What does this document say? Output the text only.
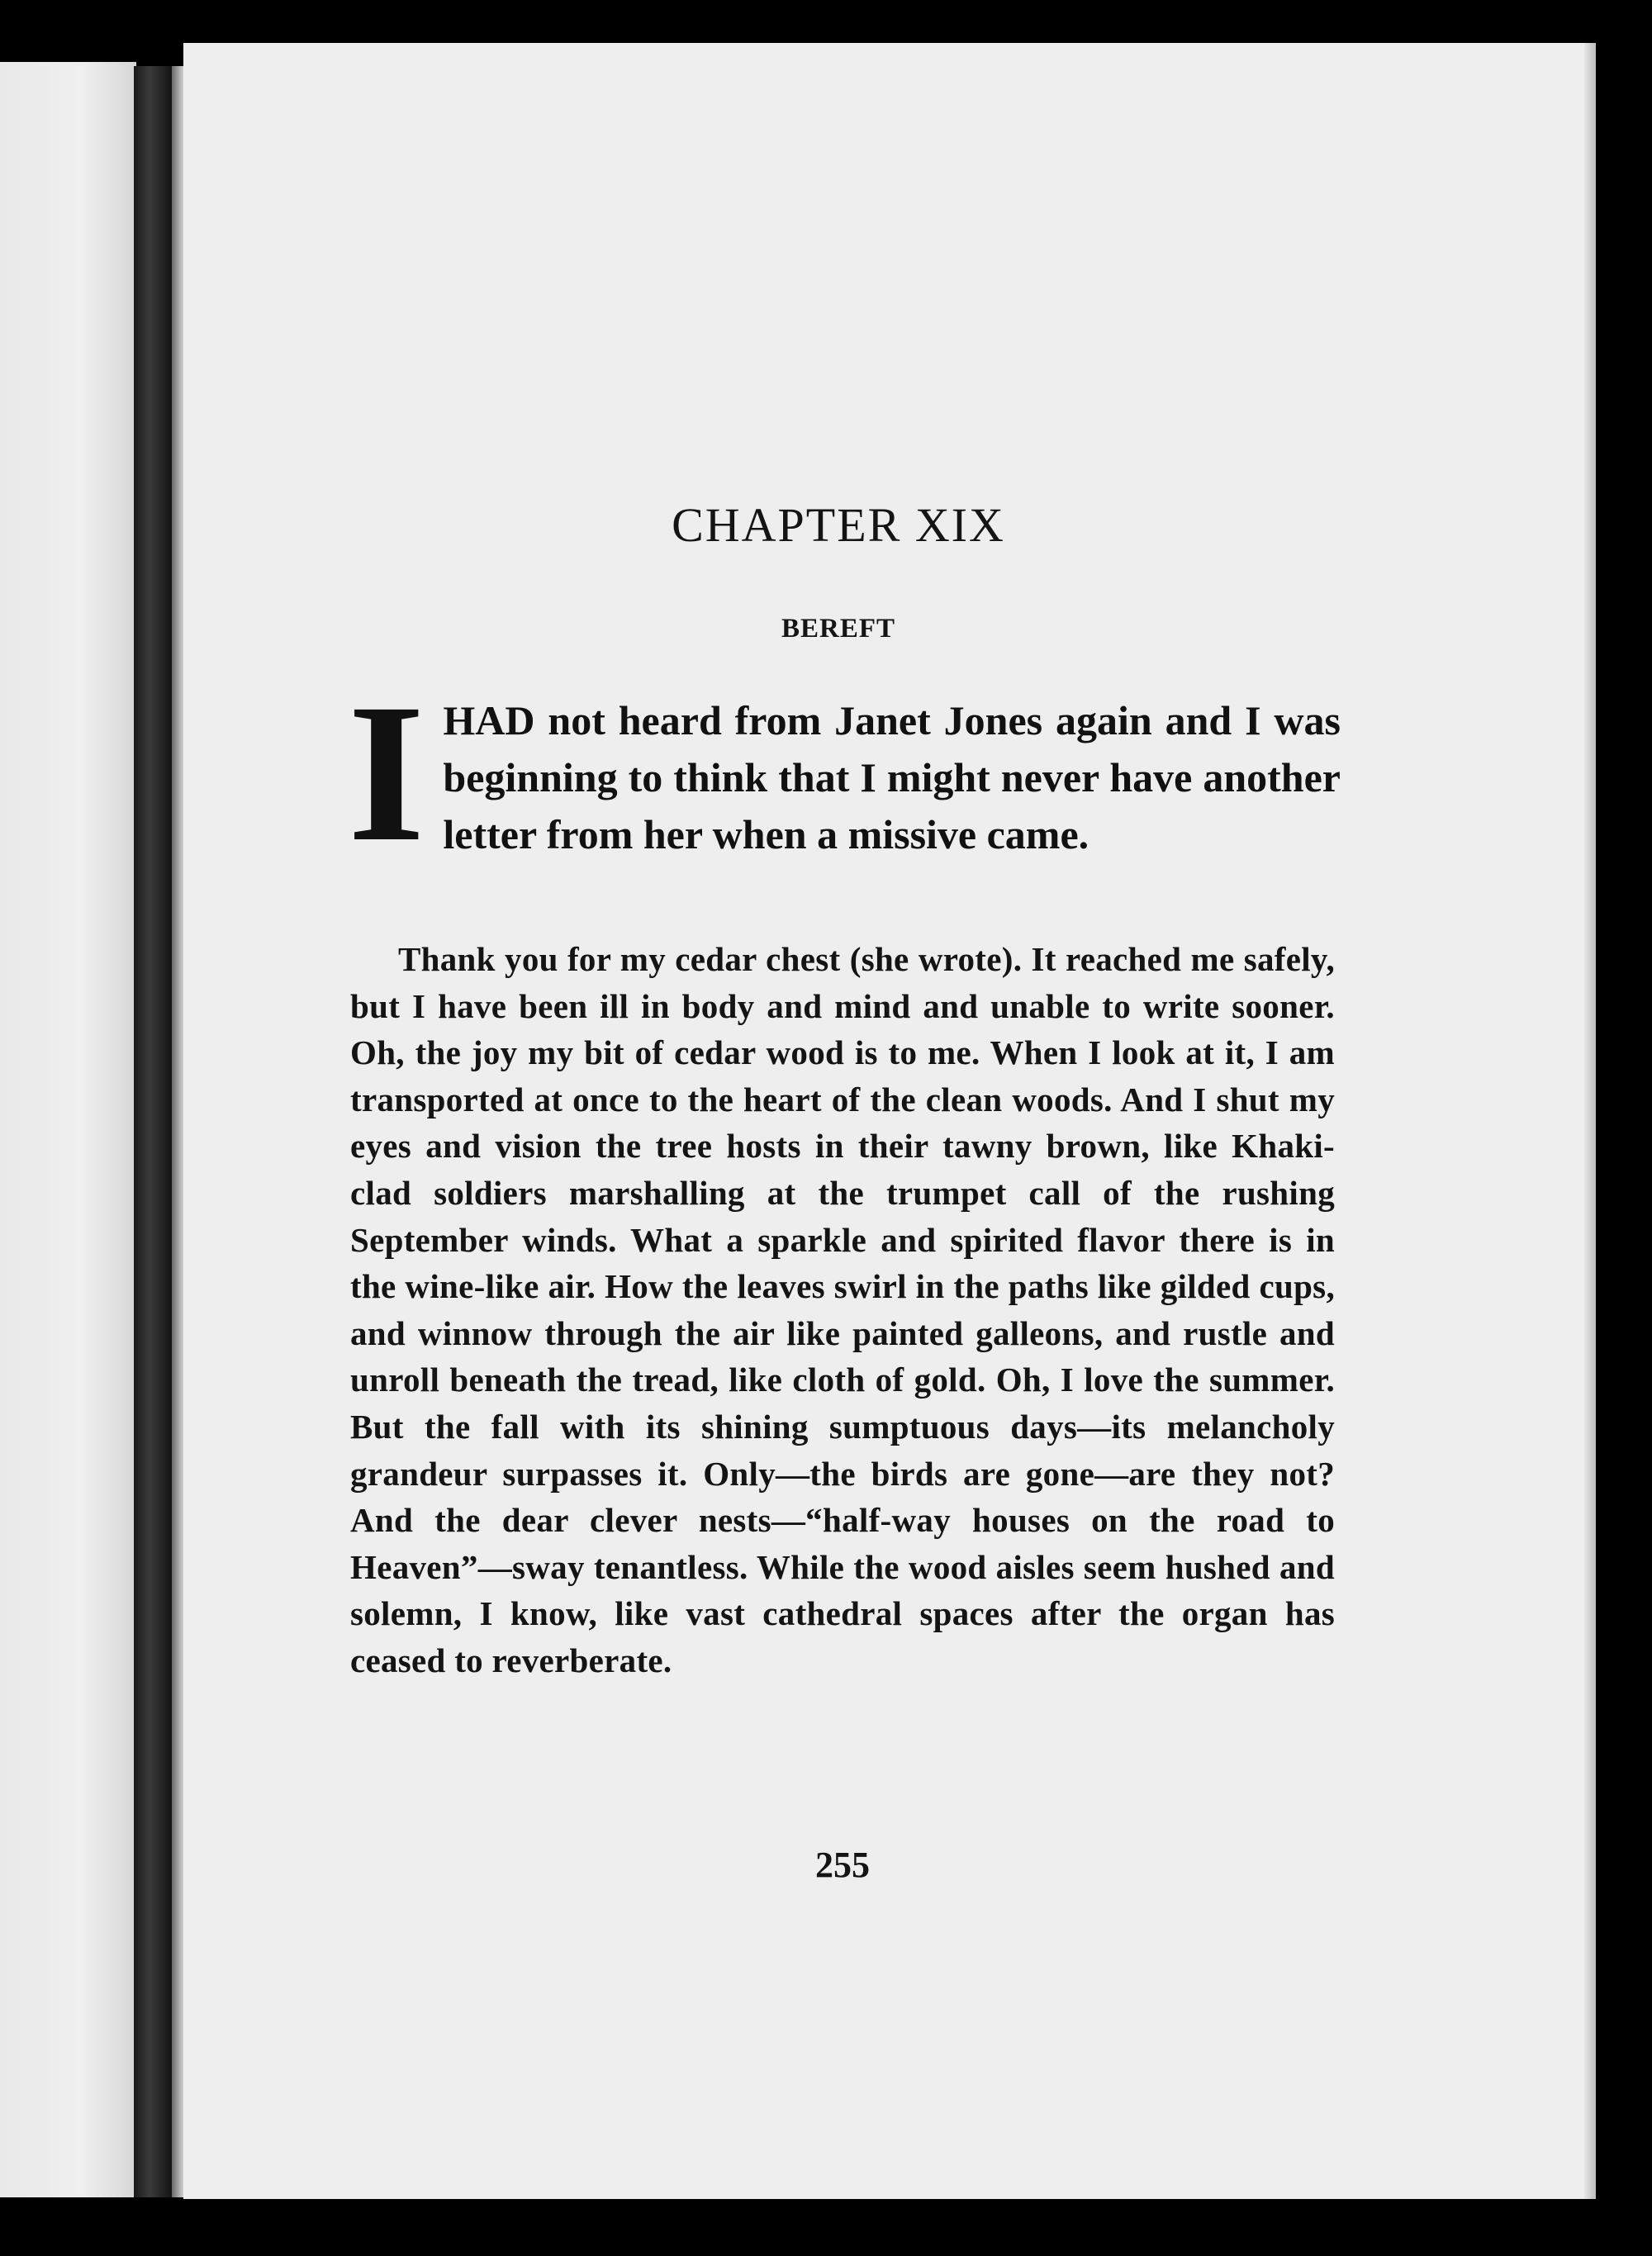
CHAPTER XIX
BEREFT
I HAD not heard from Janet Jones again and I was beginning to think that I might never have another letter from her when a missive came.

Thank you for my cedar chest (she wrote). It reached me safely, but I have been ill in body and mind and unable to write sooner. Oh, the joy my bit of cedar wood is to me. When I look at it, I am transported at once to the heart of the clean woods. And I shut my eyes and vision the tree hosts in their tawny brown, like Khaki-clad soldiers marshalling at the trumpet call of the rushing September winds. What a sparkle and spirited flavor there is in the wine-like air. How the leaves swirl in the paths like gilded cups, and winnow through the air like painted galleons, and rustle and unroll beneath the tread, like cloth of gold. Oh, I love the summer. But the fall with its shining sumptuous days—its melancholy grandeur surpasses it. Only—the birds are gone—are they not? And the dear clever nests—“half-way houses on the road to Heaven”—sway tenantless. While the wood aisles seem hushed and solemn, I know, like vast cathedral spaces after the organ has ceased to reverberate.

255
